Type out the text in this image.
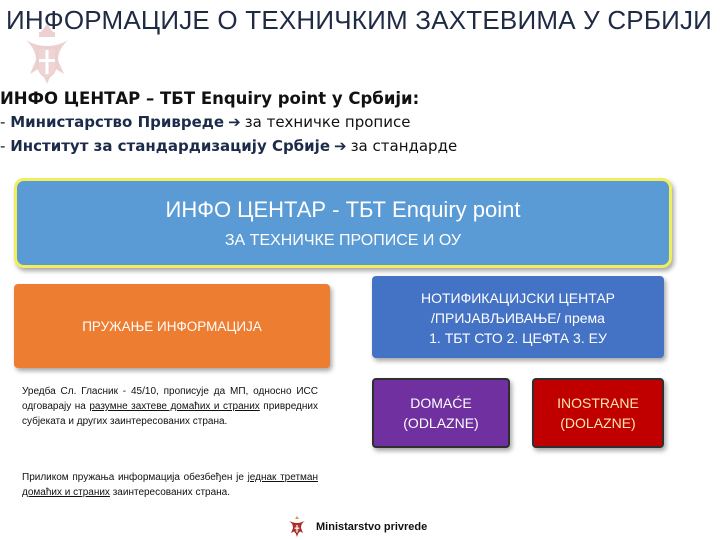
ИНФОРМАЦИЈЕ О ТЕХНИЧКИМ ЗАХТЕВИМА У СРБИЈИ
ИНФО ЦЕНТАР – ТБТ Enquiry point у Србији:
- Министарство Привреде ➔ за техничке прописе
- Институт за стандардизацију Србије ➔ за стандарде
ИНФО ЦЕНТАР - ТБТ Enquiry point
ЗА ТЕХНИЧКЕ ПРОПИСЕ И ОУ
ПРУЖАЊЕ ИНФОРМАЦИЈА
НОТИФИКАЦИЈСКИ ЦЕНТАР
/ПРИЈАВЉИВАЊЕ/ према
1. ТБТ СТО 2. ЦЕФТА 3. ЕУ
DOMAĆE
(ODLAZNE)
INOSTRANE
(DOLAZNE)
Уредба Сл. Гласник - 45/10, прописује да МП, односно ИСС одговарају на разумне захтеве домаћих и страних привредних субјеката и других заинтересованих страна.
Приликом пружања информација обезбеђен је једнак третман домаћих и страних заинтересованих страна.
Ministarstvo privrede
